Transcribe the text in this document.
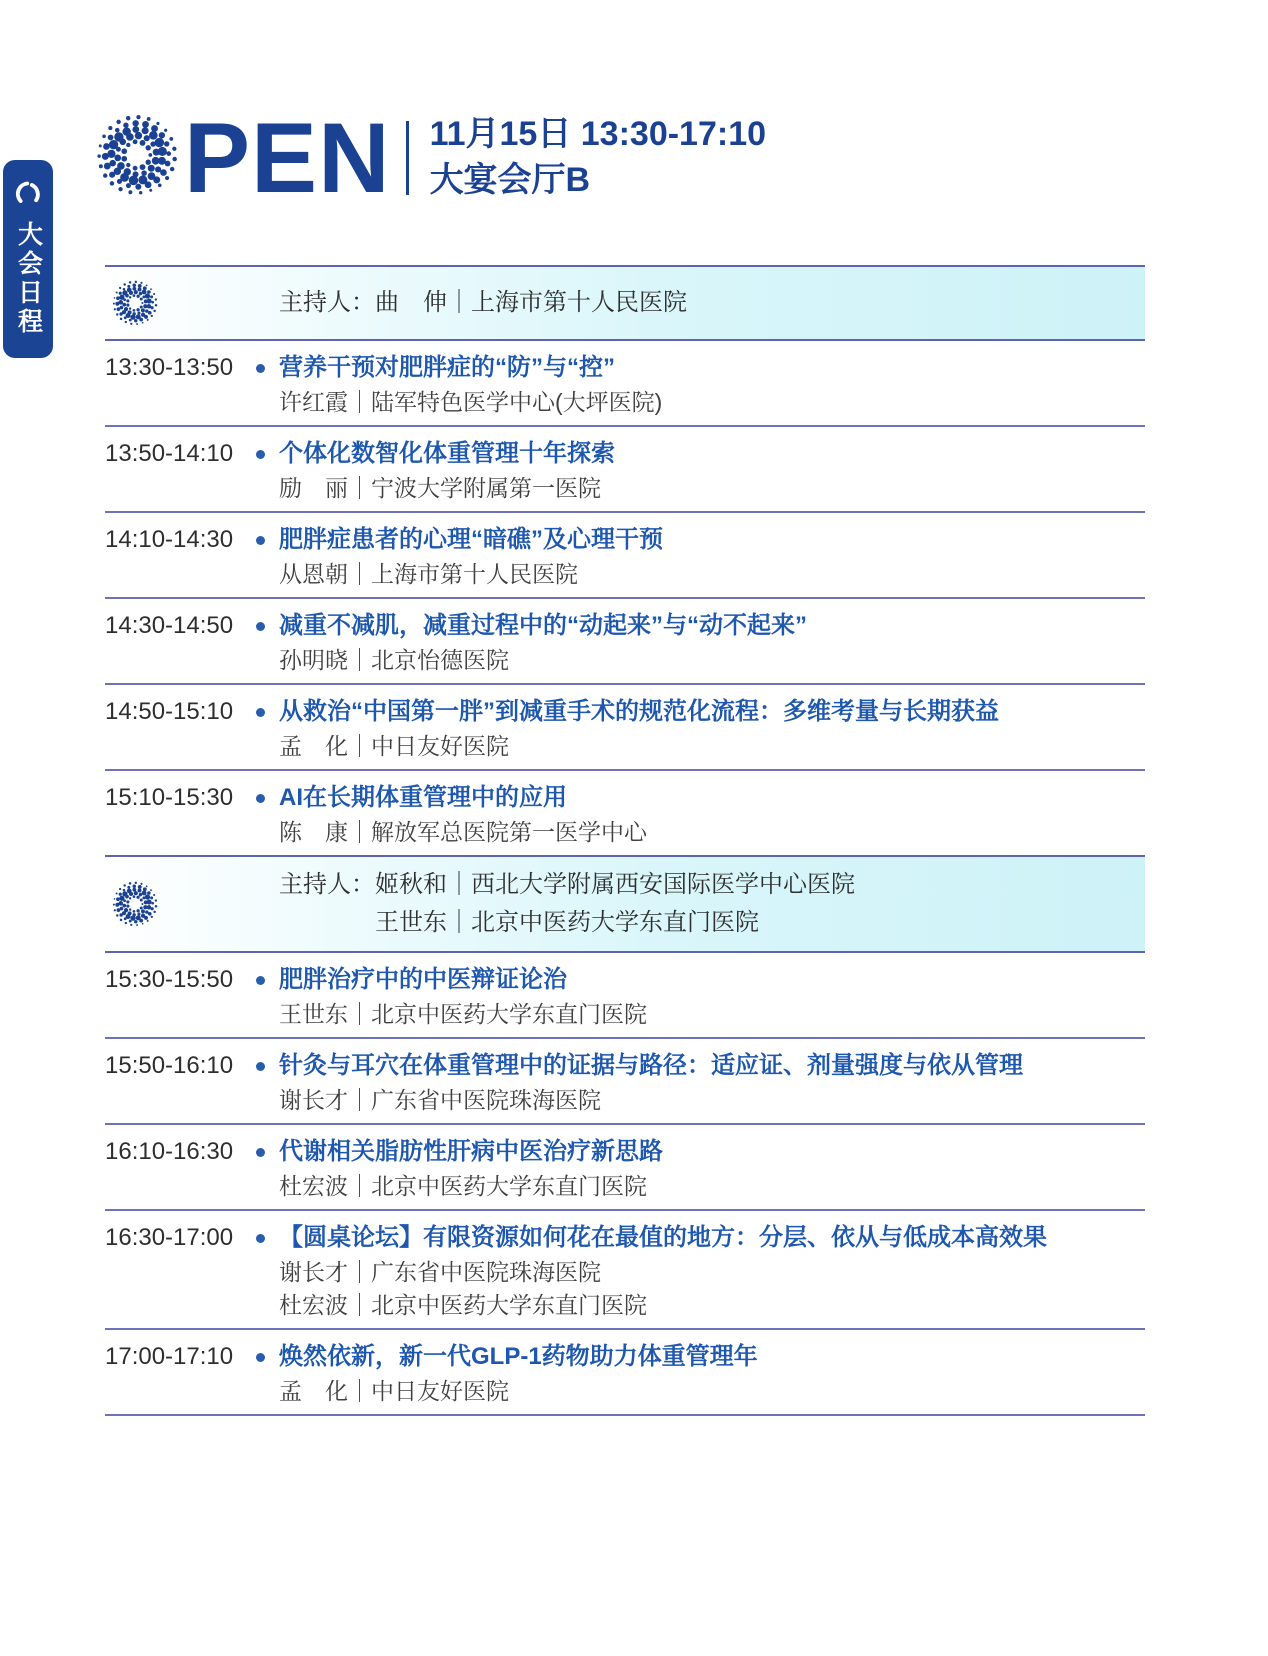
大会日程
PEN 11月15日 13:30-17:10
大宴会厅B
主持人：曲　伸｜上海市第十人民医院
13:30-13:50	营养干预对肥胖症的“防”与“控”
许红霞｜陆军特色医学中心(大坪医院)
13:50-14:10	个体化数智化体重管理十年探索
励　丽｜宁波大学附属第一医院
14:10-14:30	肥胖症患者的心理“暗礁”及心理干预
从恩朝｜上海市第十人民医院
14:30-14:50	减重不减肌，减重过程中的“动起来”与“动不起来”
孙明晓｜北京怡德医院
14:50-15:10	从救治“中国第一胖”到减重手术的规范化流程：多维考量与长期获益
孟　化｜中日友好医院
15:10-15:30	AI在长期体重管理中的应用
陈　康｜解放军总医院第一医学中心
主持人：姬秋和｜西北大学附属西安国际医学中心医院
王世东｜北京中医药大学东直门医院
15:30-15:50	肥胖治疗中的中医辩证论治
王世东｜北京中医药大学东直门医院
15:50-16:10	针灸与耳穴在体重管理中的证据与路径：适应证、剂量强度与依从管理
谢长才｜广东省中医院珠海医院
16:10-16:30	代谢相关脂肪性肝病中医治疗新思路
杜宏波｜北京中医药大学东直门医院
16:30-17:00	【圆桌论坛】有限资源如何花在最值的地方：分层、依从与低成本高效果
谢长才｜广东省中医院珠海医院
杜宏波｜北京中医药大学东直门医院
17:00-17:10	焕然依新，新一代GLP-1药物助力体重管理年
孟　化｜中日友好医院
